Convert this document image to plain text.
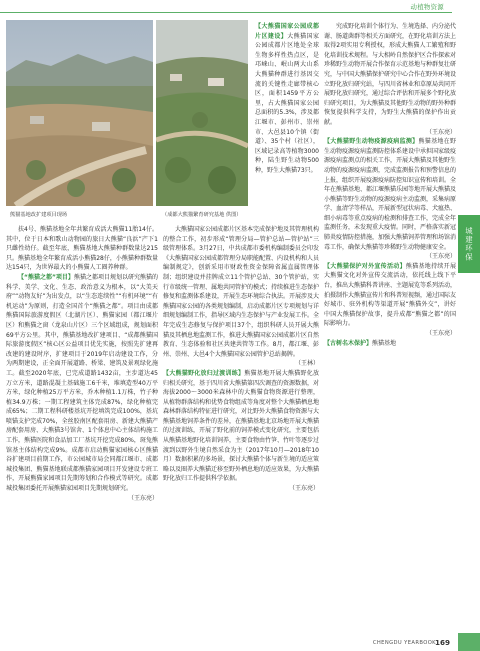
动植物资源
城建环保
熊猫基地改扩建项目现场	（成都大熊猫繁育研究基地 供图）

扶4号、熊猫基地全年共繁育成活大熊猫11胎14仔。其中，位于日本和歌山动物园的旅日大熊猫“良浜”产下1只雌性幼仔。截至年底，熊猫基地大熊猫种群数量达215只。熊猫基地全年繁育成活小熊猫28仔，小熊猫种群数量达154只，为世界最大的小熊猫人工圈养种群。

【“熊猫之都”项目】熊猫之都项目规划以研究熊猫的科学、美学、文化、生态、政治意义为根本，以“大美天府”“动物友好”为出发点，以“生态连续性”“有机环境”“有机运动”为原则，打造全国首个“熊猫之都”。项目由成都熊猫国际旅游度假区（北湖片区）、熊猫家园（都江堰片区）和熊猫之窗（龙泉山片区）三个区域组成，规划面积69平方公里。其中，熊猫基地改扩建项目、“成都熊猫国际旅游度假区”核心区公益项目优先实施，按照先扩建再改建的建设时序，扩建项目于2019年启动建设工作，分为两期建设，正全面开展道路、桥梁、建筑及景观绿化施工。截至2020年底，已完成道路1432亩，主步道达45万立方米，道路混凝土基础施工6千米，堆填造型40万平方米，绿化种植25万平方米，乔木种植1.1万株，竹子种植34.9万株；一期工程建筑主体完成87%，绿化种植完成65%；二期工程科研楼基坑开挖填筑完成100%，基坑喷锚支护完成70%，全丝胶南区配套用房、新建大熊猫产房配套用房、大熊猫3号馆舍、1个体息中心主体结构施工工作，熊猫医院和食品加工厂基坑开挖完成80%，斑兔熊馆基主体结构完成9%。成都市启动熊猫家园核心区熊猫谷扩建项目前期工作，市公园城市局会同都江堰市、成都城投集团、熊猫基地联成都熊猫家园项目开发建设专班工作，开展熊猫家园项目先期筹划和合作模式等研究。成都城投集团委托开展熊猫家园项目先期规划研究。

（王东亮）

【大熊猫国家公园成都片区建设】大熊猫国家公园成都片区地处全球生物多样性热点区，是邛崃山、岷山两大山系大熊猫种群进行基因交流的关键性走廊带核心区，面积1459平方公里，占大熊猫国家公园总面积的5.3%，涉及都江堰市、彭州市、崇州市、大邑县10个镇（街道）、35个村（社区），区域记录高等植物3000种，陆生野生动物500种，野生大熊猫73只。

大熊猫国家公园成都片区基本完成保护地及其管理机构的整合工作，初步形成“管理分局—管护总站—管护站”三级管理体系。3月27日，中共成都市委机构编制委员会印发《大熊猫国家公园成都管理分局职能配置、内设机构和人员编制规定》，创新采用市财政性资金保障省属直属管理体制；组织建设并挂牌成立11个管护总站、30个管护站，实行市级统一管理、属地共同管护的模式；持续推进生态保护修复和监测体系建设，开展生态环境综合执法。开展涉及大熊猫国家公园的各类规划编制，启动成都片区专项规划与详细规划编制工作，指导区域内生态保护与产业发展工作。全年完成生态修复与保护项目37个，组织科研人员开展大熊猫及其栖息地监测工作，推进大熊猫国家公园成都片区自然教育、生态体验和社区共建共管等工作。8月，都江堰、彭州、崇州、大邑4个大熊猫国家公园管护总站揭牌。

（王林）

【大熊猫野化放归过渡训练】熊猫基地开展大熊猫野化放归相关研究，基于四川省大熊猫第四次调查的资源数据，对海拔2000～3000米森林中的大熊猫食物资源进行整理，从植物群落结构和优势食物组成等角度对整个大熊猫栖息地森林群落结构特征进行研究，对比野外大熊猫食物资源与大熊猫基地饲养条件的差异，在熊猫基地北京场地开展大熊猫的过渡训练，开展了野化前的饲养模式变化研究，主要包括从熊猫基地野化培训饲养，主要食物由竹笋、竹叶等逐步过渡到以野外生境自然采食为主（2017年10月—2018年10月）数据积累的多场景，探讨大熊猫个体与新生境的适应策略以及圈养大熊猫迁移至野外栖息地的适应效果，为大熊猫野化放归工作提供科学依据。

（王东亮）

究成野化培训个体行为、生境选择、内分泌代谢、肠道菌群等相关方面研究，在野化培训方法上取得2项实用专利授权，形成大熊猫人工繁殖和野化培训技术规程。与大相岭自然保护区合作探索对珍稀野生动物开展合作保育示范基地与种群复壮研究，与中国大熊猫保护研究中心合作在野外环境设立野化放归研究站，与四川省林业和草原局共同开展野化放归研究，通过综合评估和开展多个野化放归研究项目，为大熊猫及其他野生动物的野外种群恢复提供科学支持，为野生大熊猫的保护作出贡献。

（王东亮）

【大熊猫野生动物疫源疫病监测】熊猫基地在野生动物疫源疫病监测防控体系建设中承担国家级疫源疫病监测点的相关工作，开展大熊猫及其他野生动物的疫源疫病监测，完成监测报告和预警信息的上报，组织开展疫源疫病防控知识宣传和培训。全年在熊猫基地、都江堰熊猫乐园等地开展大熊猫及小熊猫等野生动物的疫源疫病主动监测，采集病原学、血清学等样品，开展新型冠状病毒、犬瘟热、细小病毒等重点疫病的检测和排查工作，完成全年监测任务，未发现重大疫情。同时，严格落实新冠肺炎疫情防控措施，加强大熊猫饲养管理和场馆消毒工作，确保大熊猫等珍稀野生动物健康安全。

（王东亮）

【大熊猫保护对外宣传活动】熊猫基地持续开展大熊猫文化对外宣传交流活动，依托线上线下平台，推出大熊猫科普讲座、主题展览等系列活动，拍摄制作大熊猫宣传片和科普短视频，通过国际友好城市、驻外机构等渠道开展“熊猫外交”，讲好中国大熊猫保护故事，提升成都“熊猫之都”的国际影响力。

（王东亮）

【古树名木保护】熊猫基地

CHENGDU YEARBOOK
169
